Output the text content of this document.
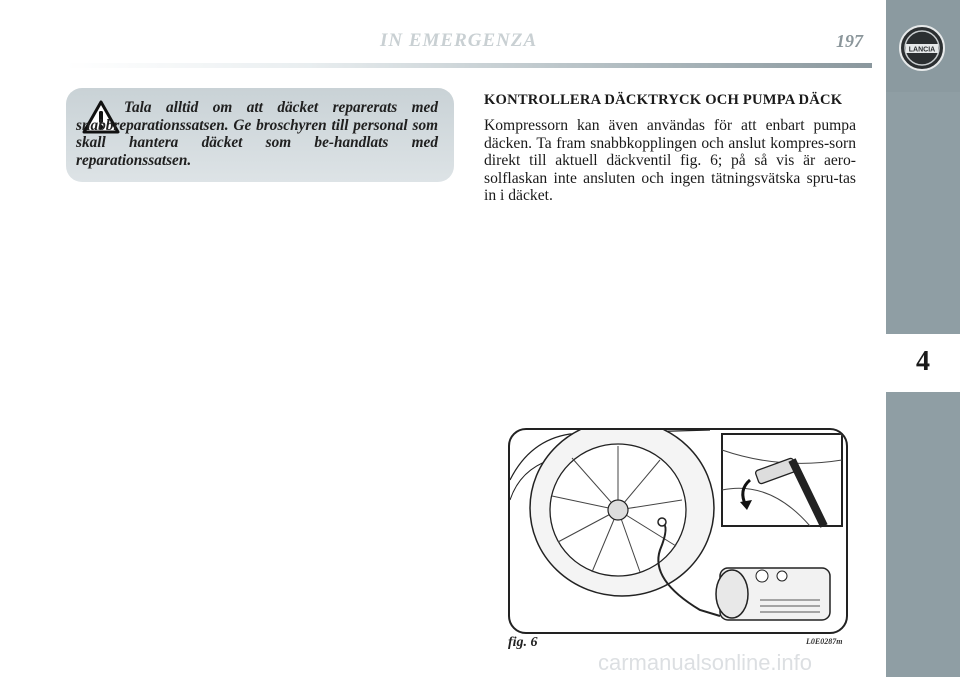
IN EMERGENZA	197	LANCIA
4
Tala alltid om att däcket reparerats med snabbreparationssatsen. Ge broschyren till personal som skall hantera däcket som be-handlats med reparationssatsen.
KONTROLLERA DÄCKTRYCK OCH PUMPA DÄCK
Kompressorn kan även användas för att enbart pumpa däcken. Ta fram snabbkopplingen och anslut kompres-sorn direkt till aktuell däckventil fig. 6; på så vis är aero-solflaskan inte ansluten och ingen tätningsvätska spru-tas in i däcket.
fig. 6	L0E0287m
carmanualsonline.info
